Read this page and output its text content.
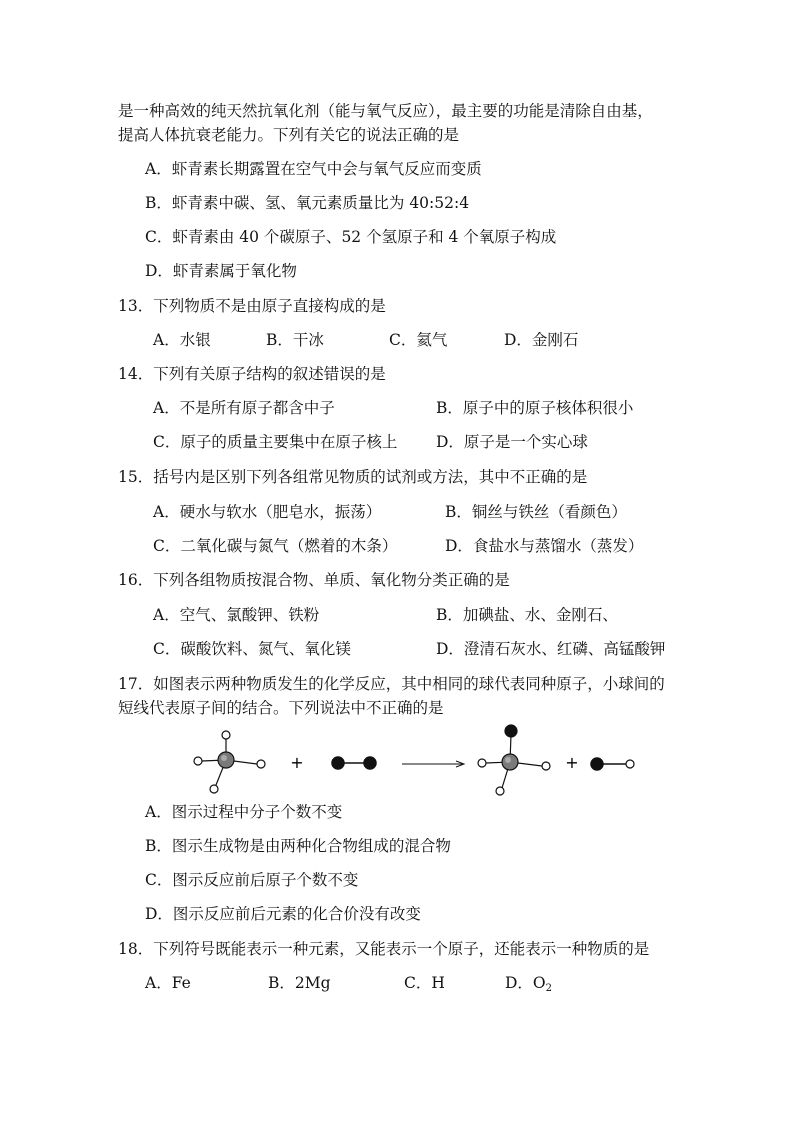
是一种高效的纯天然抗氧化剂（能与氧气反应），最主要的功能是清除自由基，
提高人体抗衰老能力。下列有关它的说法正确的是
A．虾青素长期露置在空气中会与氧气反应而变质
B．虾青素中碳、氢、氧元素质量比为 40:52:4
C．虾青素由 40 个碳原子、52 个氢原子和 4 个氧原子构成
D．虾青素属于氧化物
13．下列物质不是由原子直接构成的是
A．水银	B．干冰	C．氦气	D．金刚石
14．下列有关原子结构的叙述错误的是
A．不是所有原子都含中子	B．原子中的原子核体积很小
C．原子的质量主要集中在原子核上 D．原子是一个实心球
15．括号内是区别下列各组常见物质的试剂或方法，其中不正确的是
A．硬水与软水（肥皂水，振荡）	B．铜丝与铁丝（看颜色）
C．二氧化碳与氮气（燃着的木条）	D．食盐水与蒸馏水（蒸发）
16．下列各组物质按混合物、单质、氧化物分类正确的是
A．空气、氯酸钾、铁粉	B．加碘盐、水、金刚石、
C．碳酸饮料、氮气、氧化镁	D．澄清石灰水、红磷、高锰酸钾
17．如图表示两种物质发生的化学反应，其中相同的球代表同种原子，小球间的
短线代表原子间的结合。下列说法中不正确的是
+	+
A．图示过程中分子个数不变
B．图示生成物是由两种化合物组成的混合物
C．图示反应前后原子个数不变
D．图示反应前后元素的化合价没有改变
18．下列符号既能表示一种元素，又能表示一个原子，还能表示一种物质的是
A．Fe	B．2Mg	C．H	D．$O_2$
